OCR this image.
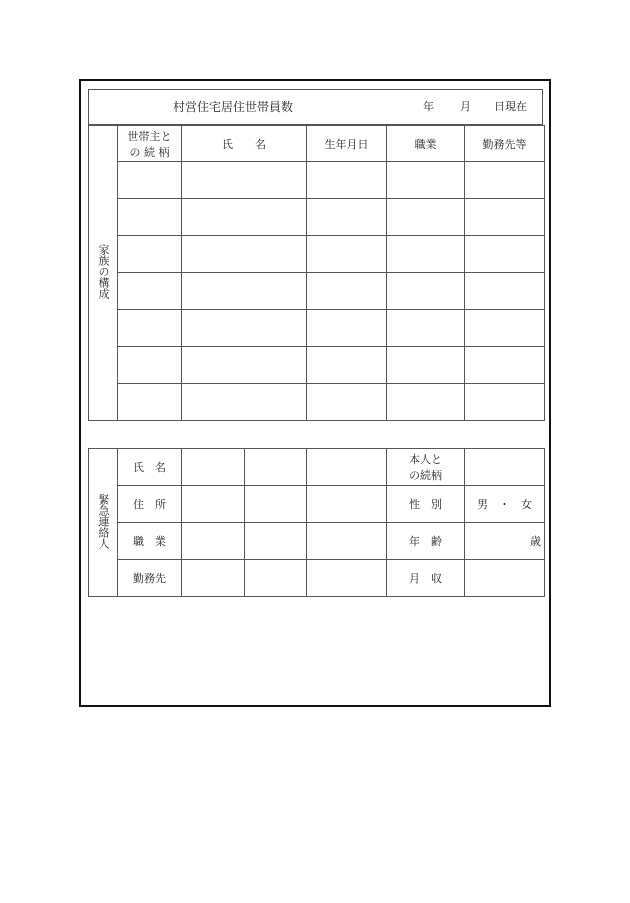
村営住宅居住世帯員数	年 月 日現在
家族の構成	世帯主と
の 続 柄	氏　　名	生年月日	職業	勤務先等

緊急連絡人	氏　名				本人と
の続柄	

	住　所				性　別	男　・　女
	職　業				年　齢	歳
	勤務先				月　収	
